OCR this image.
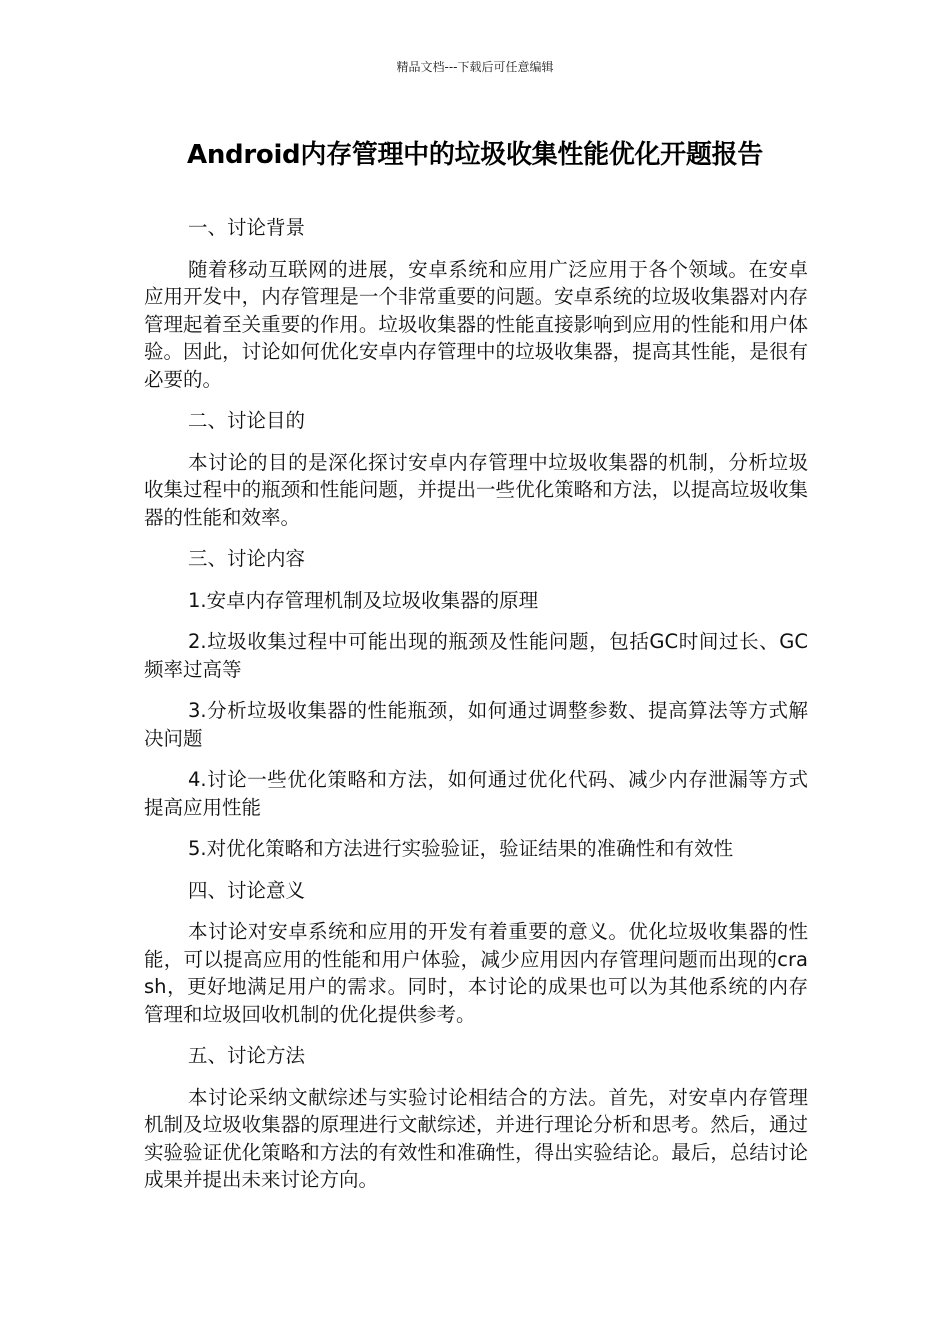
精品文档---下载后可任意编辑
Android内存管理中的垃圾收集性能优化开题报告
一、讨论背景

随着移动互联网的进展，安卓系统和应用广泛应用于各个领域。在安卓应用开发中，内存管理是一个非常重要的问题。安卓系统的垃圾收集器对内存管理起着至关重要的作用。垃圾收集器的性能直接影响到应用的性能和用户体验。因此，讨论如何优化安卓内存管理中的垃圾收集器，提高其性能，是很有必要的。

二、讨论目的

本讨论的目的是深化探讨安卓内存管理中垃圾收集器的机制，分析垃圾收集过程中的瓶颈和性能问题，并提出一些优化策略和方法，以提高垃圾收集器的性能和效率。

三、讨论内容

1.安卓内存管理机制及垃圾收集器的原理

2.垃圾收集过程中可能出现的瓶颈及性能问题，包括GC时间过长、GC频率过高等

3.分析垃圾收集器的性能瓶颈，如何通过调整参数、提高算法等方式解决问题

4.讨论一些优化策略和方法，如何通过优化代码、减少内存泄漏等方式提高应用性能

5.对优化策略和方法进行实验验证，验证结果的准确性和有效性

四、讨论意义

本讨论对安卓系统和应用的开发有着重要的意义。优化垃圾收集器的性能，可以提高应用的性能和用户体验，减少应用因内存管理问题而出现的crash，更好地满足用户的需求。同时，本讨论的成果也可以为其他系统的内存管理和垃圾回收机制的优化提供参考。

五、讨论方法

本讨论采纳文献综述与实验讨论相结合的方法。首先，对安卓内存管理机制及垃圾收集器的原理进行文献综述，并进行理论分析和思考。然后，通过实验验证优化策略和方法的有效性和准确性，得出实验结论。最后，总结讨论成果并提出未来讨论方向。
